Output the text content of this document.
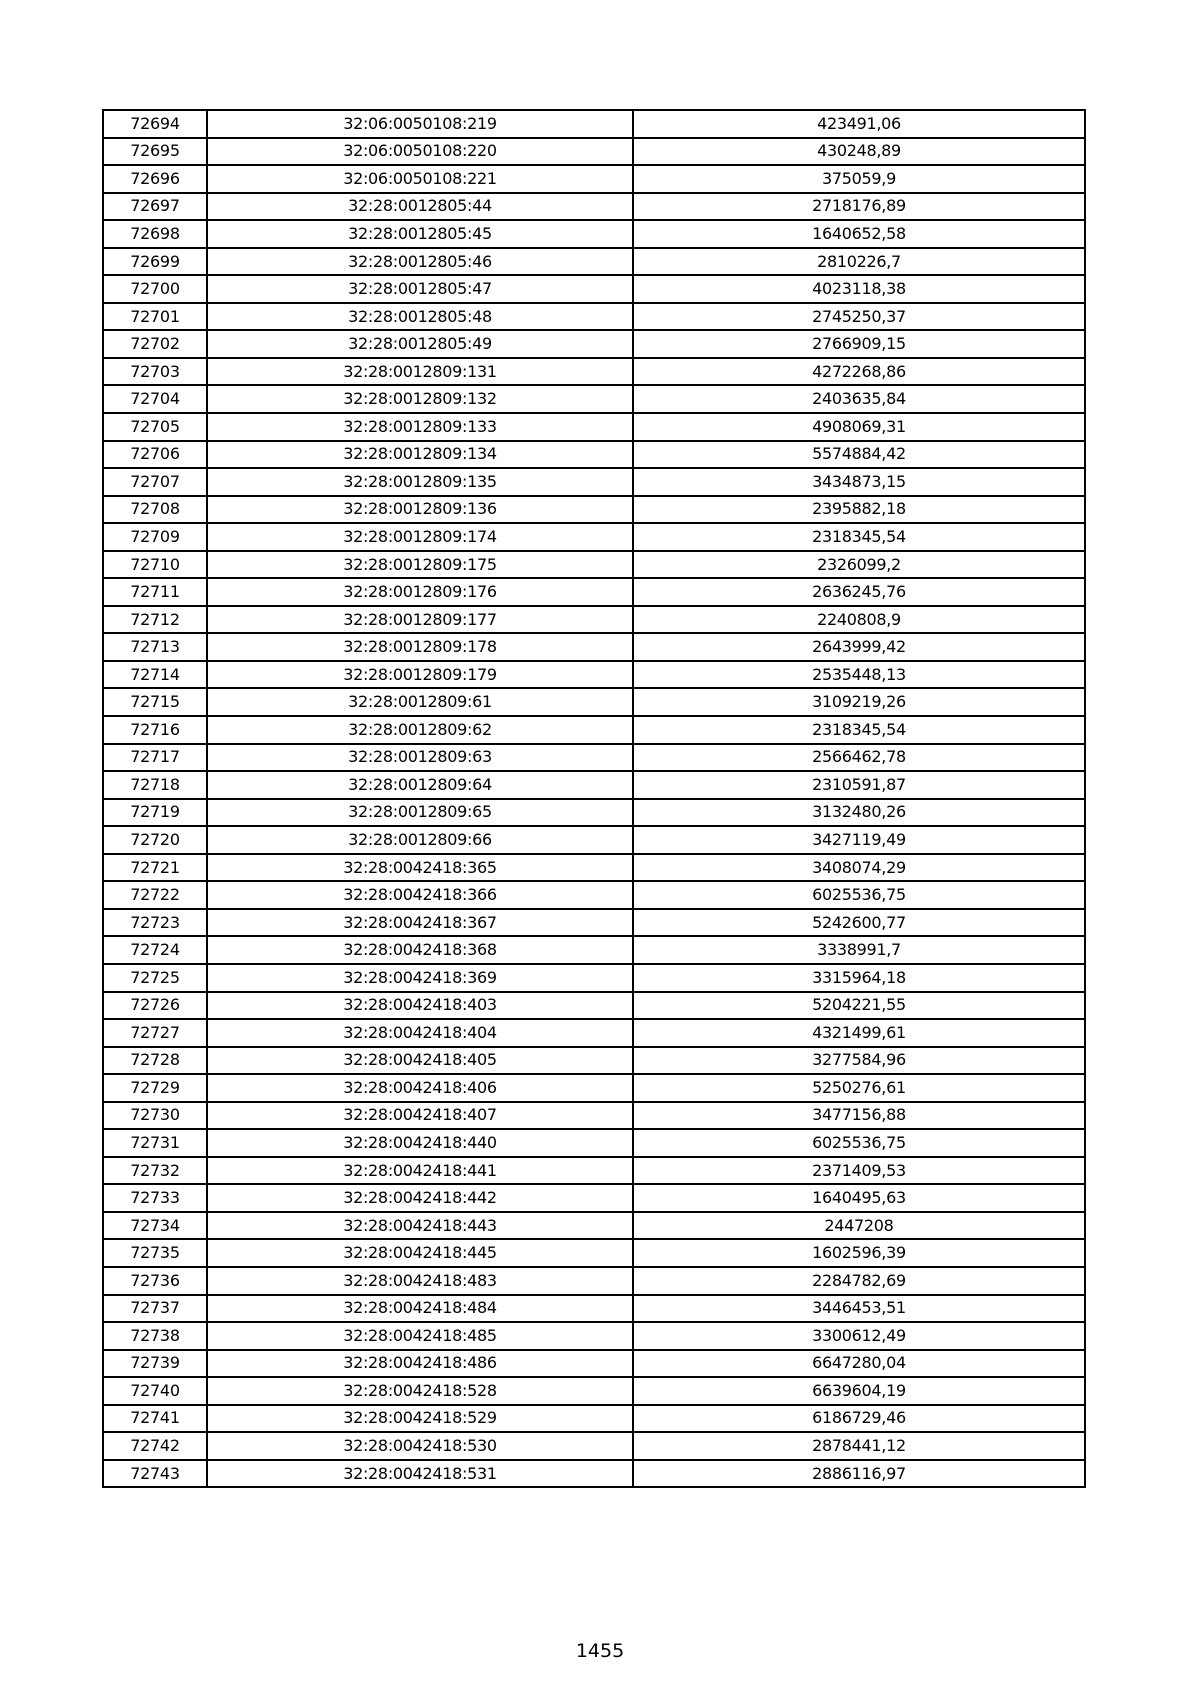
72694	32:06:0050108:219	423491,06
72695	32:06:0050108:220	430248,89
72696	32:06:0050108:221	375059,9
72697	32:28:0012805:44	2718176,89
72698	32:28:0012805:45	1640652,58
72699	32:28:0012805:46	2810226,7
72700	32:28:0012805:47	4023118,38
72701	32:28:0012805:48	2745250,37
72702	32:28:0012805:49	2766909,15
72703	32:28:0012809:131	4272268,86
72704	32:28:0012809:132	2403635,84
72705	32:28:0012809:133	4908069,31
72706	32:28:0012809:134	5574884,42
72707	32:28:0012809:135	3434873,15
72708	32:28:0012809:136	2395882,18
72709	32:28:0012809:174	2318345,54
72710	32:28:0012809:175	2326099,2
72711	32:28:0012809:176	2636245,76
72712	32:28:0012809:177	2240808,9
72713	32:28:0012809:178	2643999,42
72714	32:28:0012809:179	2535448,13
72715	32:28:0012809:61	3109219,26
72716	32:28:0012809:62	2318345,54
72717	32:28:0012809:63	2566462,78
72718	32:28:0012809:64	2310591,87
72719	32:28:0012809:65	3132480,26
72720	32:28:0012809:66	3427119,49
72721	32:28:0042418:365	3408074,29
72722	32:28:0042418:366	6025536,75
72723	32:28:0042418:367	5242600,77
72724	32:28:0042418:368	3338991,7
72725	32:28:0042418:369	3315964,18
72726	32:28:0042418:403	5204221,55
72727	32:28:0042418:404	4321499,61
72728	32:28:0042418:405	3277584,96
72729	32:28:0042418:406	5250276,61
72730	32:28:0042418:407	3477156,88
72731	32:28:0042418:440	6025536,75
72732	32:28:0042418:441	2371409,53
72733	32:28:0042418:442	1640495,63
72734	32:28:0042418:443	2447208
72735	32:28:0042418:445	1602596,39
72736	32:28:0042418:483	2284782,69
72737	32:28:0042418:484	3446453,51
72738	32:28:0042418:485	3300612,49
72739	32:28:0042418:486	6647280,04
72740	32:28:0042418:528	6639604,19
72741	32:28:0042418:529	6186729,46
72742	32:28:0042418:530	2878441,12
72743	32:28:0042418:531	2886116,97
1455
